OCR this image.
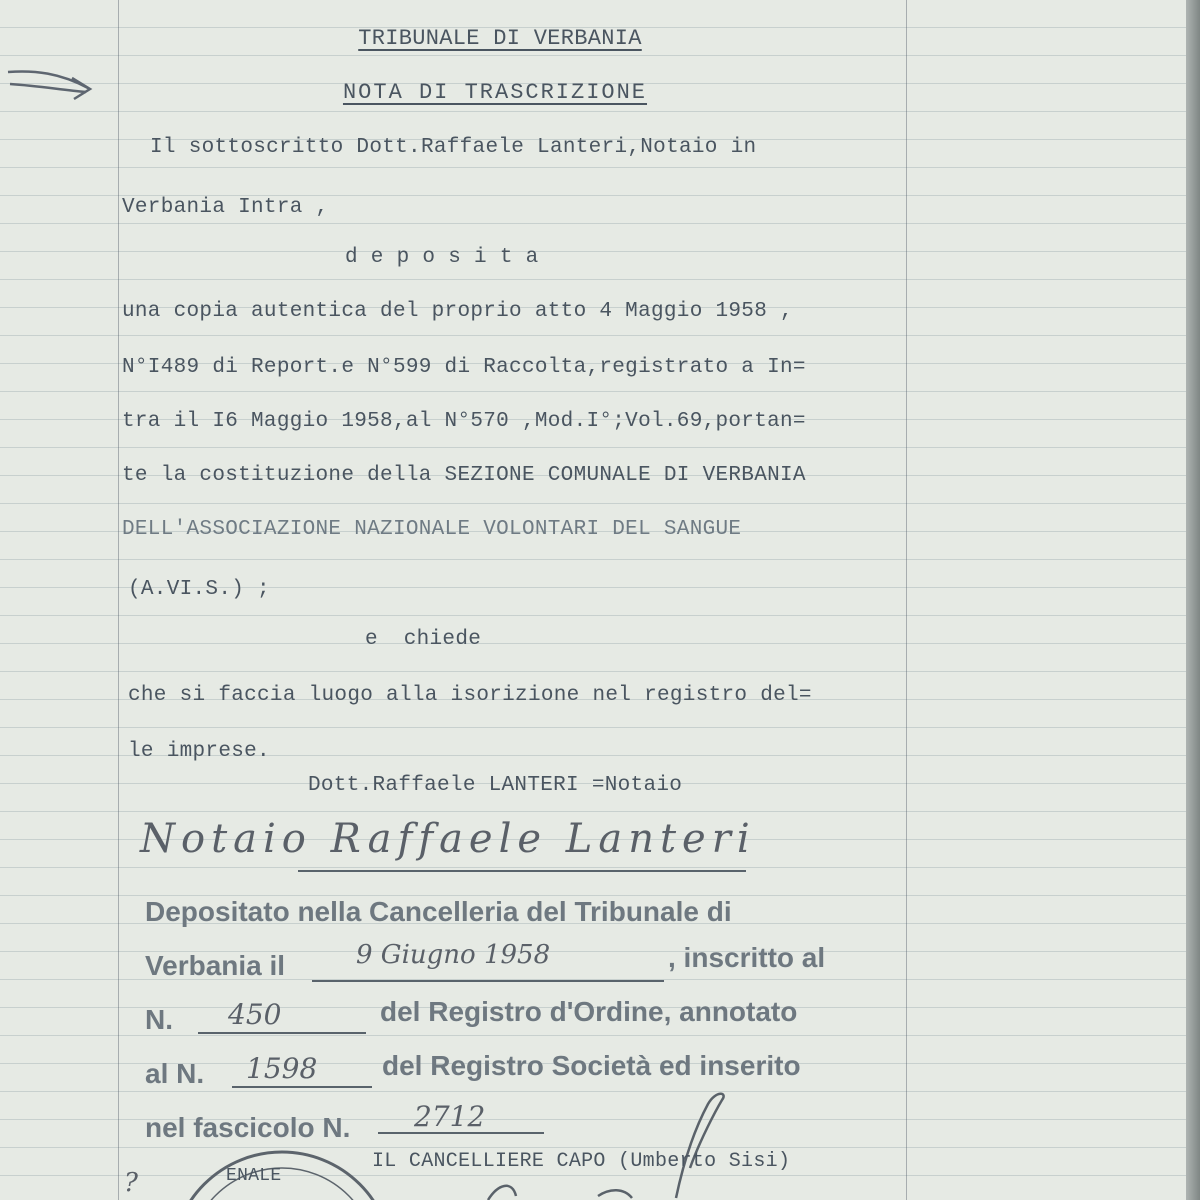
TRIBUNALE DI VERBANIA

NOTA DI TRASCRIZIONE

Il sottoscritto Dott.Raffaele Lanteri,Notaio in

Verbania Intra ,

d e p o s i t a

una copia autentica del proprio atto 4 Maggio 1958 ,

N°I489 di Report.e N°599 di Raccolta,registrato a In=

tra il I6 Maggio 1958,al N°570 ,Mod.I°;Vol.69,portan=

te la costituzione della SEZIONE COMUNALE DI VERBANIA

DELL'ASSOCIAZIONE NAZIONALE VOLONTARI DEL SANGUE

(A.VI.S.) ;

e  chiede

che si faccia luogo alla isorizione nel registro del=

le imprese.

Dott.Raffaele LANTERI =Notaio

Notaio Raffaele Lanteri

Depositato nella Cancelleria del Tribunale di

Verbania il	9 Giugno 1958	, inscritto al

N. 450	del Registro d'Ordine, annotato

al N. 1598 del Registro Società ed inserito

nel fascicolo N. 2712

IL CANCELLIERE CAPO (Umberto Sisi)

ENALE

?
